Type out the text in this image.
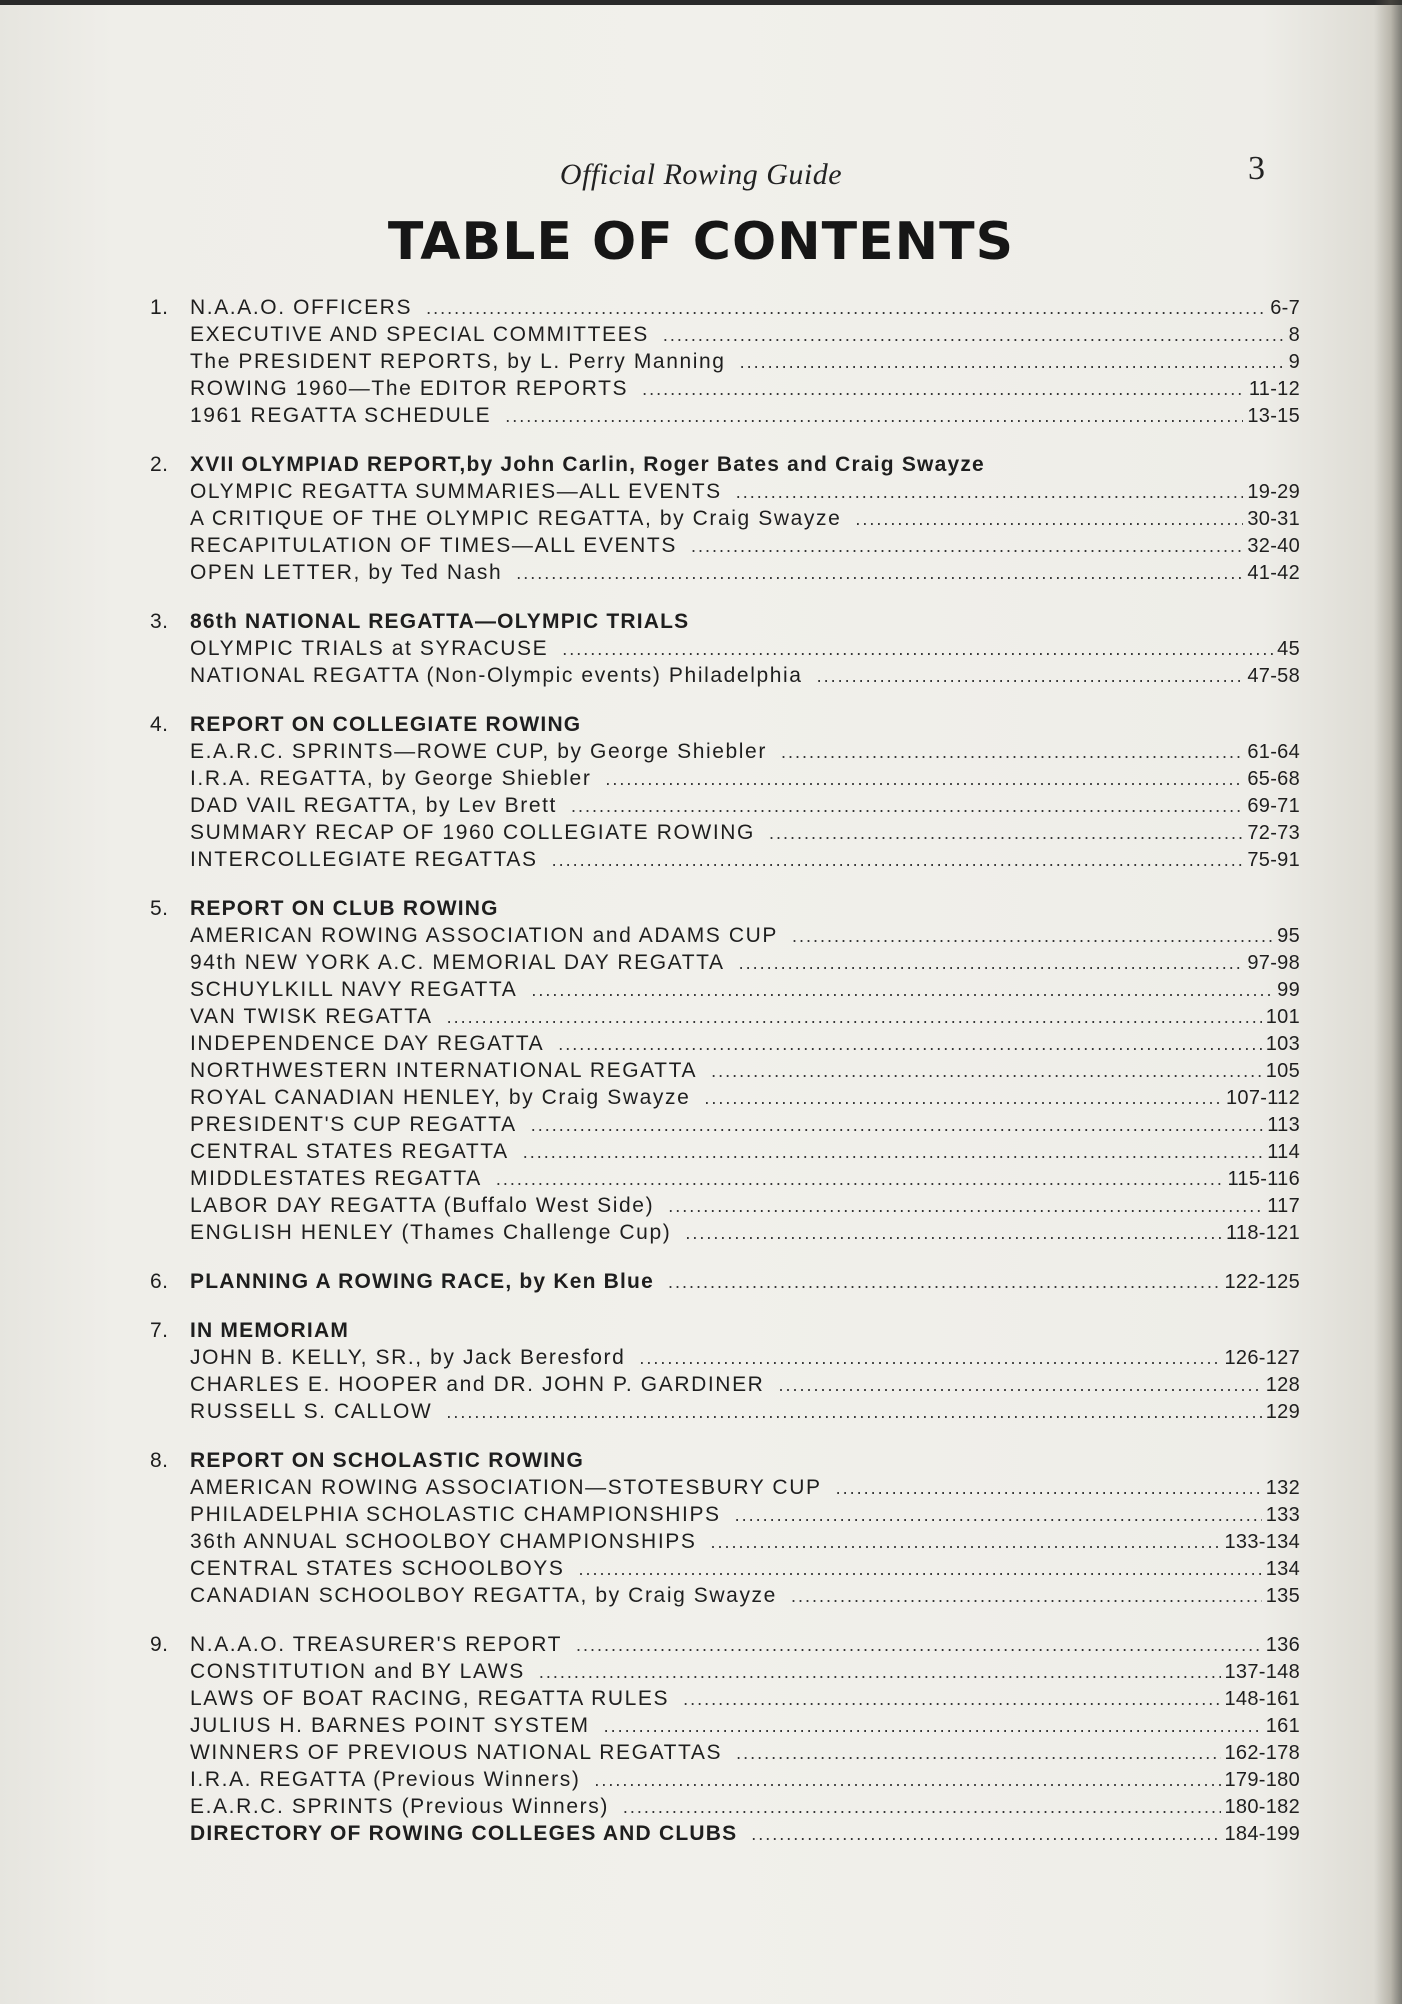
Official Rowing Guide	3
TABLE OF CONTENTS
1.	N.A.A.O. OFFICERS .....	6-7
EXECUTIVE AND SPECIAL COMMITTEES .....	8
The PRESIDENT REPORTS, by L. Perry Manning .....	9
ROWING 1960—The EDITOR REPORTS .....	11-12
1961 REGATTA SCHEDULE .....	13-15
2.	XVII OLYMPIAD REPORT, by John Carlin, Roger Bates and Craig Swayze
OLYMPIC REGATTA SUMMARIES—ALL EVENTS .....	19-29
A CRITIQUE OF THE OLYMPIC REGATTA, by Craig Swayze .....	30-31
RECAPITULATION OF TIMES—ALL EVENTS .....	32-40
OPEN LETTER, by Ted Nash .....	41-42
3.	86th NATIONAL REGATTA—OLYMPIC TRIALS
OLYMPIC TRIALS at SYRACUSE .....	45
NATIONAL REGATTA (Non-Olympic events) Philadelphia .....	47-58
4.	REPORT ON COLLEGIATE ROWING
E.A.R.C. SPRINTS—ROWE CUP, by George Shiebler .....	61-64
I.R.A. REGATTA, by George Shiebler .....	65-68
DAD VAIL REGATTA, by Lev Brett .....	69-71
SUMMARY RECAP OF 1960 COLLEGIATE ROWING .....	72-73
INTERCOLLEGIATE REGATTAS .....	75-91
5.	REPORT ON CLUB ROWING
AMERICAN ROWING ASSOCIATION and ADAMS CUP .....	95
94th NEW YORK A.C. MEMORIAL DAY REGATTA .....	97-98
SCHUYLKILL NAVY REGATTA .....	99
VAN TWISK REGATTA .....	101
INDEPENDENCE DAY REGATTA .....	103
NORTHWESTERN INTERNATIONAL REGATTA .....	105
ROYAL CANADIAN HENLEY, by Craig Swayze .....	107-112
PRESIDENT'S CUP REGATTA .....	113
CENTRAL STATES REGATTA .....	114
MIDDLESTATES REGATTA .....	115-116
LABOR DAY REGATTA (Buffalo West Side) .....	117
ENGLISH HENLEY (Thames Challenge Cup) .....	118-121
6.	PLANNING A ROWING RACE, by Ken Blue .....	122-125
7.	IN MEMORIAM
JOHN B. KELLY, SR., by Jack Beresford .....	126-127
CHARLES E. HOOPER and DR. JOHN P. GARDINER .....	128
RUSSELL S. CALLOW .....	129
8.	REPORT ON SCHOLASTIC ROWING
AMERICAN ROWING ASSOCIATION—STOTESBURY CUP .....	132
PHILADELPHIA SCHOLASTIC CHAMPIONSHIPS .....	133
36th ANNUAL SCHOOLBOY CHAMPIONSHIPS .....	133-134
CENTRAL STATES SCHOOLBOYS .....	134
CANADIAN SCHOOLBOY REGATTA, by Craig Swayze .....	135
9.	N.A.A.O. TREASURER'S REPORT .....	136
CONSTITUTION and BY LAWS .....	137-148
LAWS OF BOAT RACING, REGATTA RULES .....	148-161
JULIUS H. BARNES POINT SYSTEM .....	161
WINNERS OF PREVIOUS NATIONAL REGATTAS .....	162-178
I.R.A. REGATTA (Previous Winners) .....	179-180
E.A.R.C. SPRINTS (Previous Winners) .....	180-182
DIRECTORY OF ROWING COLLEGES AND CLUBS .....	184-199
